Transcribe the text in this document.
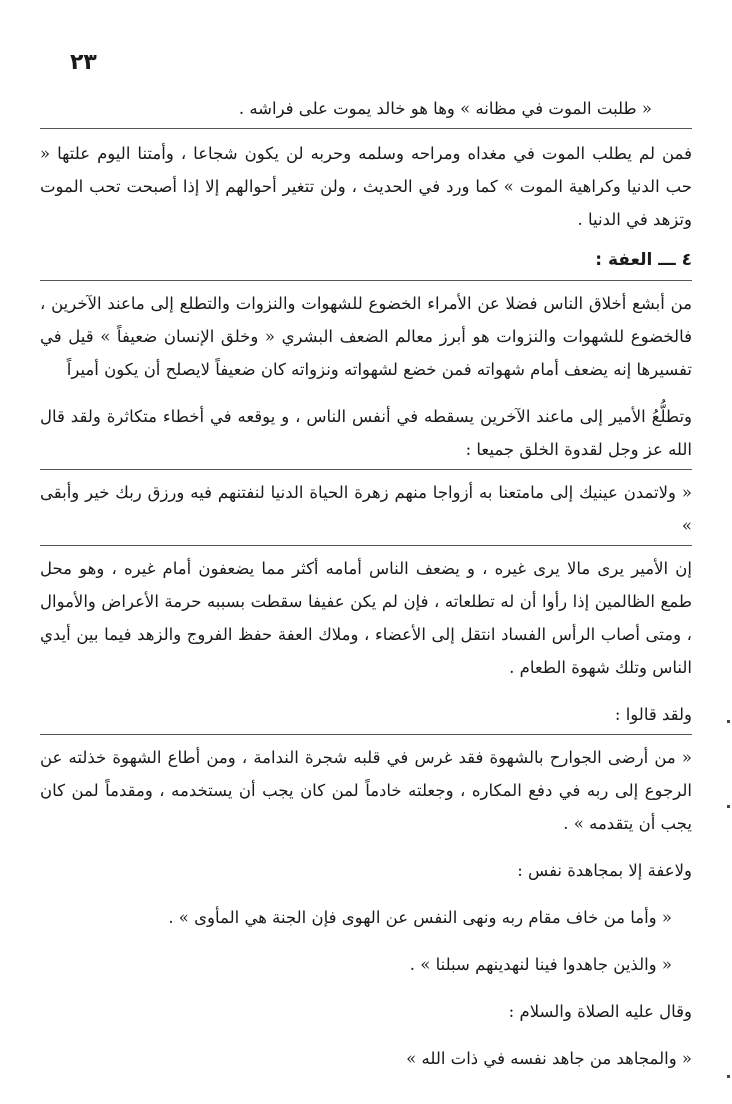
٢٣

« طلبت الموت في مظانه » وها هو خالد يموت على فراشه .

فمن لم يطلب الموت في مغداه ومراحه وسلمه وحربه لن يكون شجاعا ، وأمتنا اليوم علتها « حب الدنيا وكراهية الموت » كما ورد في الحديث ، ولن تتغير أحوالهم إلا إذا أصبحت تحب الموت وتزهد في الدنيا .

٤ ـــ العفة :

من أبشع أخلاق الناس فضلا عن الأمراء الخضوع للشهوات والنزوات والتطلع إلى ماعند الآخرين ، فالخضوع للشهوات والنزوات هو أبرز معالم الضعف البشري « وخلق الإنسان ضعيفاً » قيل في تفسيرها إنه يضعف أمام شهواته فمن خضع لشهواته ونزواته كان ضعيفاً لايصلح أن يكون أميراً

وتطلُّعُ الأمير إلى ماعند الآخرين يسقطه في أنفس الناس ، و يوقعه في أخطاء متكاثرة ولقد قال الله عز وجل لقدوة الخلق جميعا :

« ولاتمدن عينيك إلى مامتعنا به أزواجا منهم زهرة الحياة الدنيا لنفتنهم فيه ورزق ربك خير وأبقى »

إن الأمير يرى مالا يرى غيره ، و يضعف الناس أمامه أكثر مما يضعفون أمام غيره ، وهو محل طمع الظالمين إذا رأوا أن له تطلعاته ، فإن لم يكن عفيفا سقطت بسببه حرمة الأعراض والأموال ، ومتى أصاب الرأس الفساد انتقل إلى الأعضاء ، وملاك العفة حفظ الفروج والزهد فيما بين أيدي الناس وتلك شهوة الطعام .

ولقد قالوا :

« من أرضى الجوارح بالشهوة فقد غرس في قلبه شجرة الندامة ، ومن أطاع الشهوة خذلته عن الرجوع إلى ربه في دفع المكاره ، وجعلته خادماً لمن كان يجب أن يستخدمه ، ومقدماً لمن كان يجب أن يتقدمه » .

ولاعفة إلا بمجاهدة نفس :

« وأما من خاف مقام ربه ونهى النفس عن الهوى فإن الجنة هي المأوى » .

« والذين جاهدوا فينا لنهدينهم سبلنا » .

وقال عليه الصلاة والسلام :

« والمجاهد من جاهد نفسه في ذات الله »
